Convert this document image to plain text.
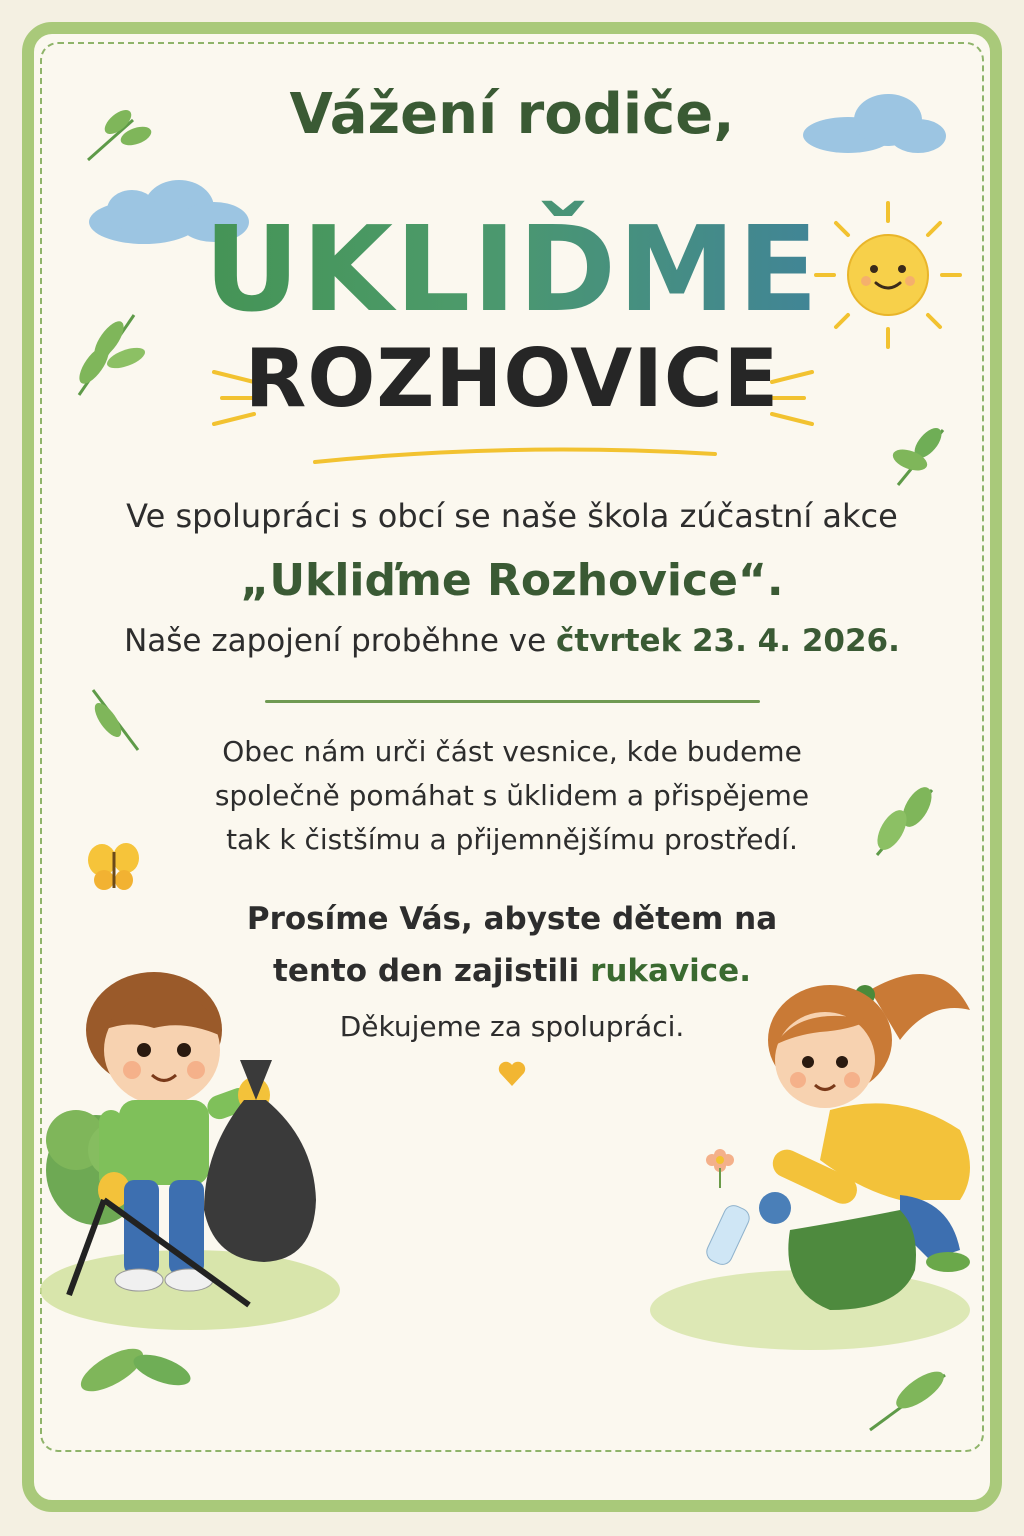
Vážení rodiče,
UKLIĎME
ROZHOVICE
Ve spolupráci s obcí se naše škola zúčastní akce
„Ukliďme Rozhovice“.
Naše zapojení proběhne ve čtvrtek 23. 4. 2026.
Obec nám urči část vesnice, kde budeme
společně pomáhat s ŭklidem a přispějeme
tak k čistšímu a přijemnějšímu prostředí.
Prosíme Vás, abyste dětem na
tento den zajistili rukavice.
Děkujeme za spolupráci.
